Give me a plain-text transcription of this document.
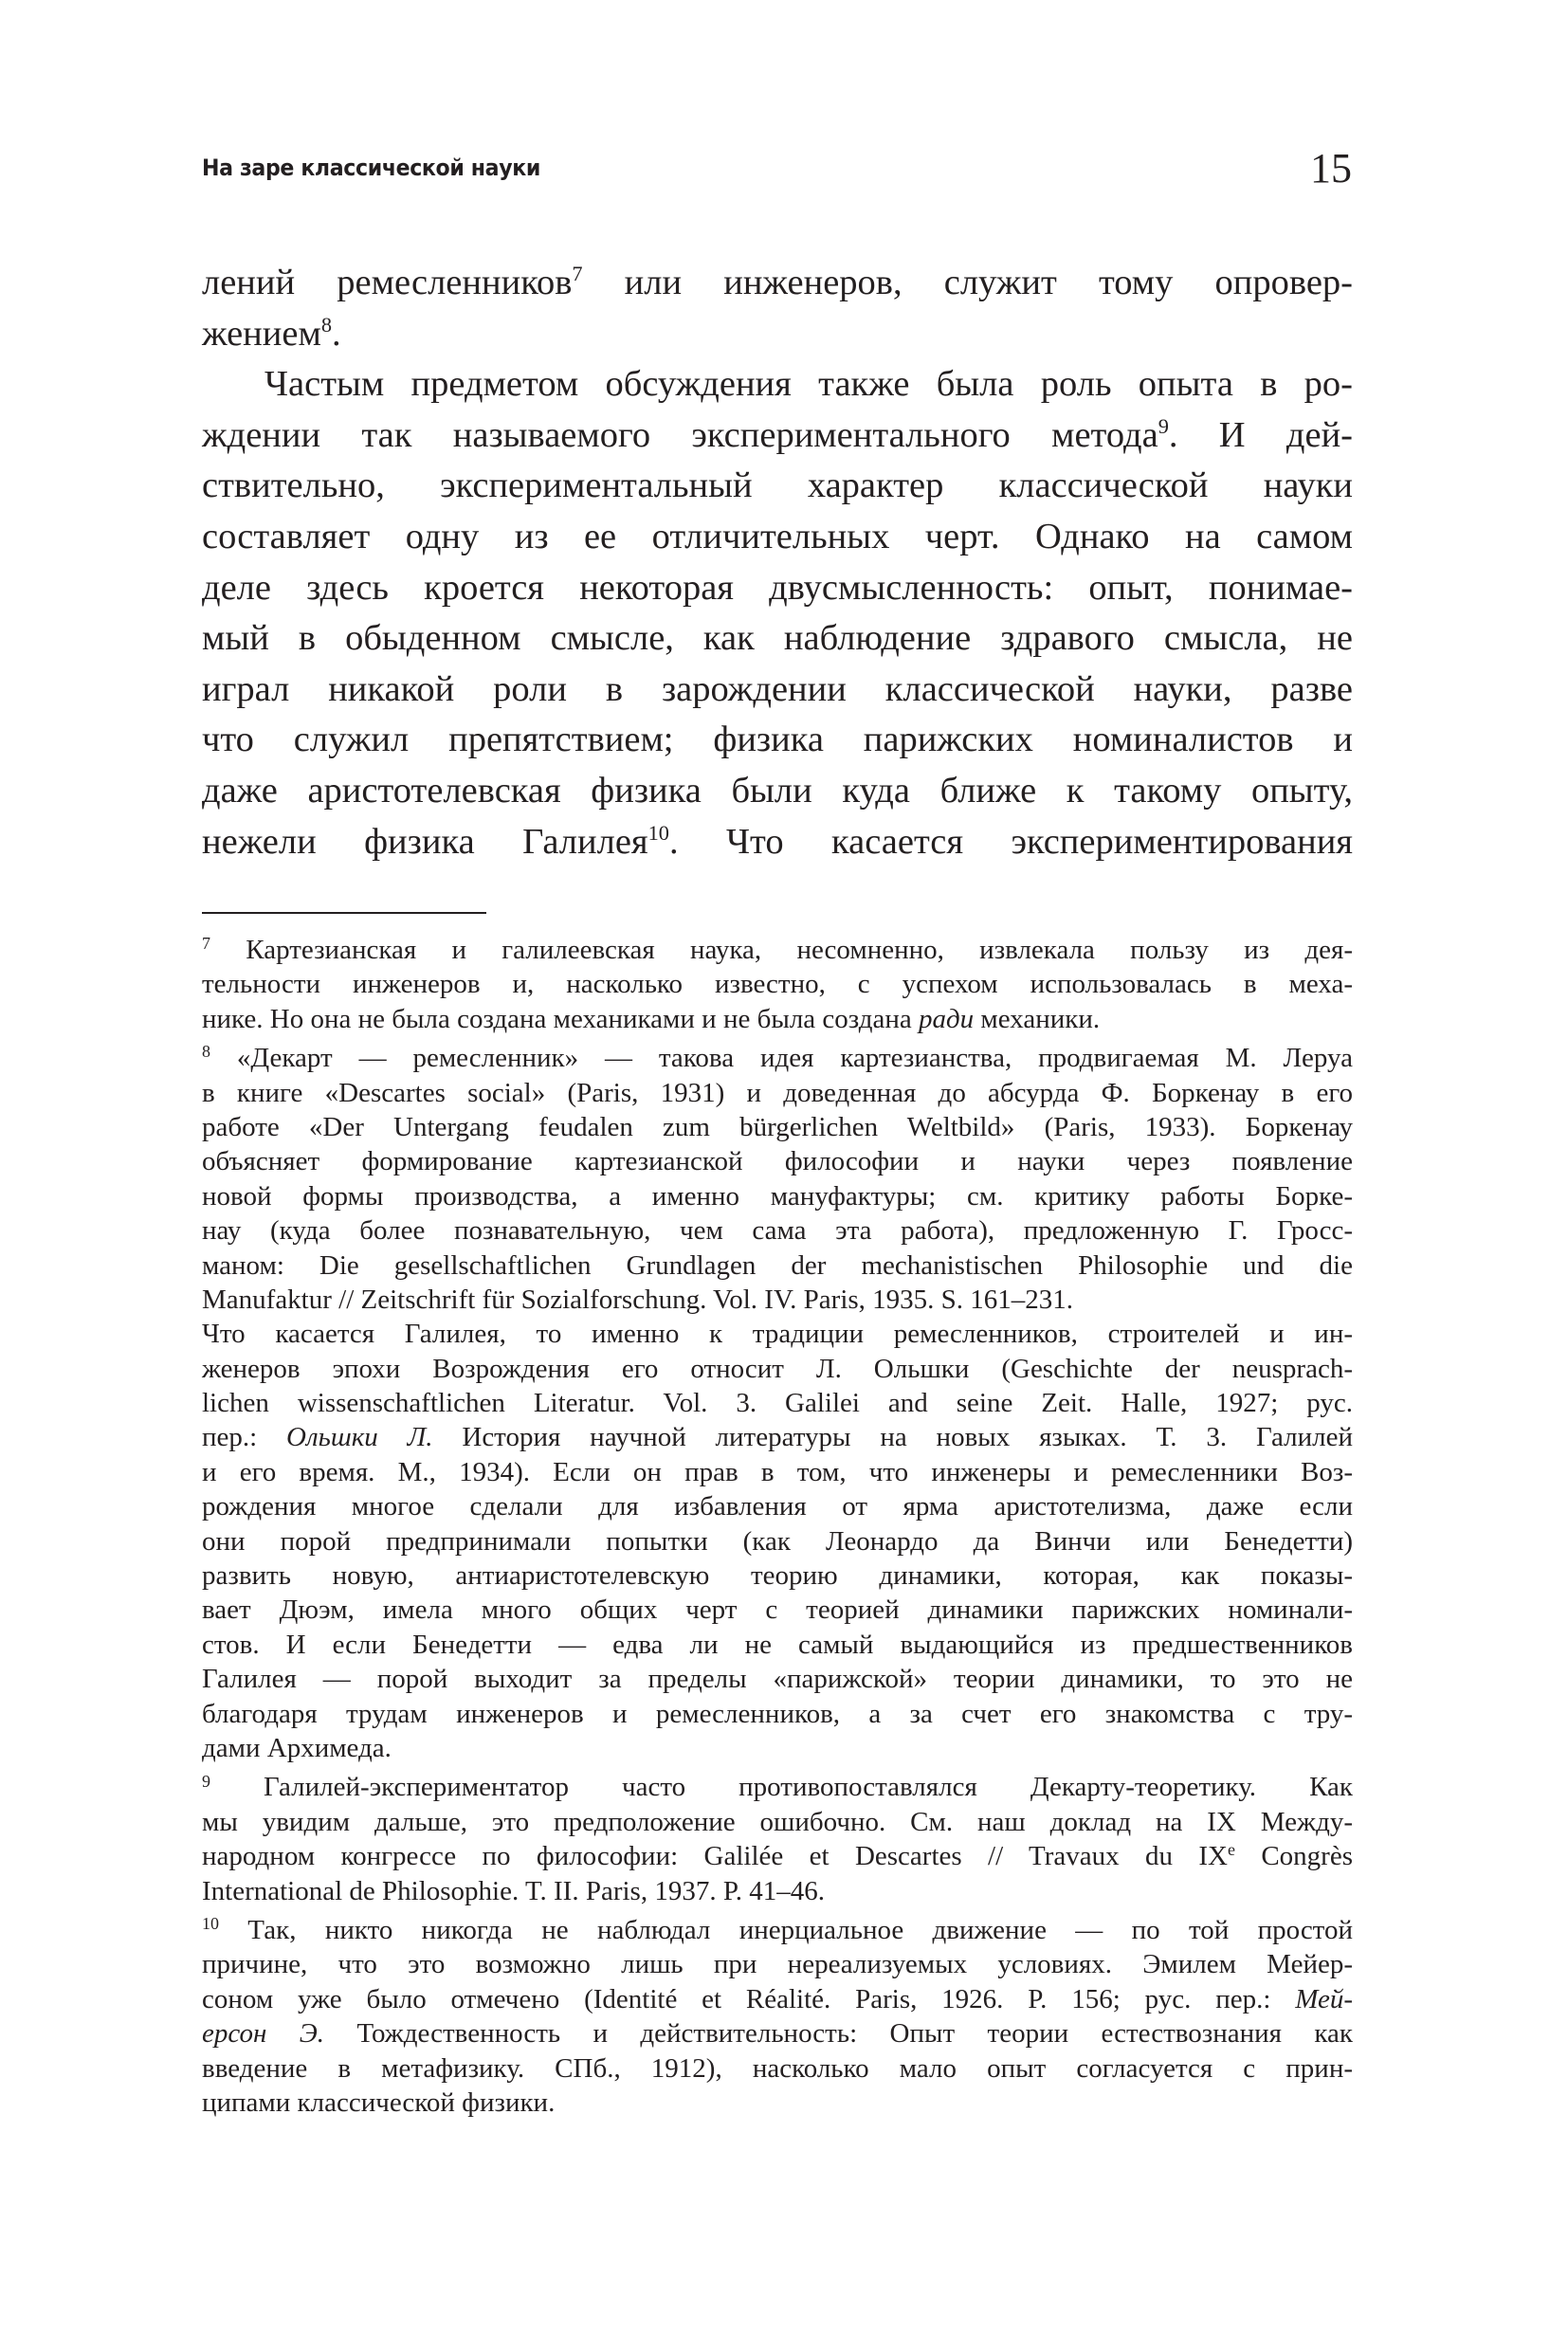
На заре классической науки	15
лений ремесленников$^7$ или инженеров, служит тому опровер-
жением$^8$.
Частым предметом обсуждения также была роль опыта в ро-
ждении так называемого экспериментального метода$^9$. И дей-
ствительно, экспериментальный характер классической науки
составляет одну из ее отличительных черт. Однако на самом
деле здесь кроется некоторая двусмысленность: опыт, понимае-
мый в обыденном смысле, как наблюдение здравого смысла, не
играл никакой роли в зарождении классической науки, разве
что служил препятствием; физика парижских номиналистов и
даже аристотелевская физика были куда ближе к такому опыту,
нежели физика Галилея$^{10}$. Что касается экспериментирования
$^7$ Картезианская и галилеевская наука, несомненно, извлекала пользу из дея-
тельности инженеров и, насколько известно, с успехом использовалась в меха-
нике. Но она не была создана механиками и не была создана ради механики.
$^8$ «Декарт — ремесленник» — такова идея картезианства, продвигаемая М. Леруа
в книге «Descartes social» (Paris, 1931) и доведенная до абсурда Ф. Боркенау в его
работе «Der Untergang feudalen zum bürgerlichen Weltbild» (Paris, 1933). Боркенау
объясняет формирование картезианской философии и науки через появление
новой формы производства, а именно мануфактуры; см. критику работы Борке-
нау (куда более познавательную, чем сама эта работа), предложенную Г. Гросс-
маном: Die gesellschaftlichen Grundlagen der mechanistischen Philosophie und die
Manufaktur // Zeitschrift für Sozialforschung. Vol. IV. Paris, 1935. S. 161–231.
Что касается Галилея, то именно к традиции ремесленников, строителей и ин-
женеров эпохи Возрождения его относит Л. Ольшки (Geschichte der neusprach-
lichen wissenschaftlichen Literatur. Vol. 3. Galilei and seine Zeit. Halle, 1927; рус.
пер.: Ольшки Л. История научной литературы на новых языках. Т. 3. Галилей
и его время. М., 1934). Если он прав в том, что инженеры и ремесленники Воз-
рождения многое сделали для избавления от ярма аристотелизма, даже если
они порой предпринимали попытки (как Леонардо да Винчи или Бенедетти)
развить новую, антиаристотелевскую теорию динамики, которая, как показы-
вает Дюэм, имела много общих черт с теорией динамики парижских номинали-
стов. И если Бенедетти — едва ли не самый выдающийся из предшественников
Галилея — порой выходит за пределы «парижской» теории динамики, то это не
благодаря трудам инженеров и ремесленников, а за счет его знакомства с тру-
дами Архимеда.
$^9$ Галилей-экспериментатор часто противопоставлялся Декарту-теоретику. Как
мы увидим дальше, это предположение ошибочно. См. наш доклад на IX Между-
народном конгрессе по философии: Galilée et Descartes // Travaux du IXe Congrès
International de Philosophie. T. II. Paris, 1937. P. 41–46.
$^{10}$ Так, никто никогда не наблюдал инерциальное движение — по той простой
причине, что это возможно лишь при нереализуемых условиях. Эмилем Мейер-
соном уже было отмечено (Identité et Réalité. Paris, 1926. P. 156; рус. пер.: Мей-
ерсон Э. Тождественность и действительность: Опыт теории естествознания как
введение в метафизику. СПб., 1912), насколько мало опыт согласуется с прин-
ципами классической физики.
